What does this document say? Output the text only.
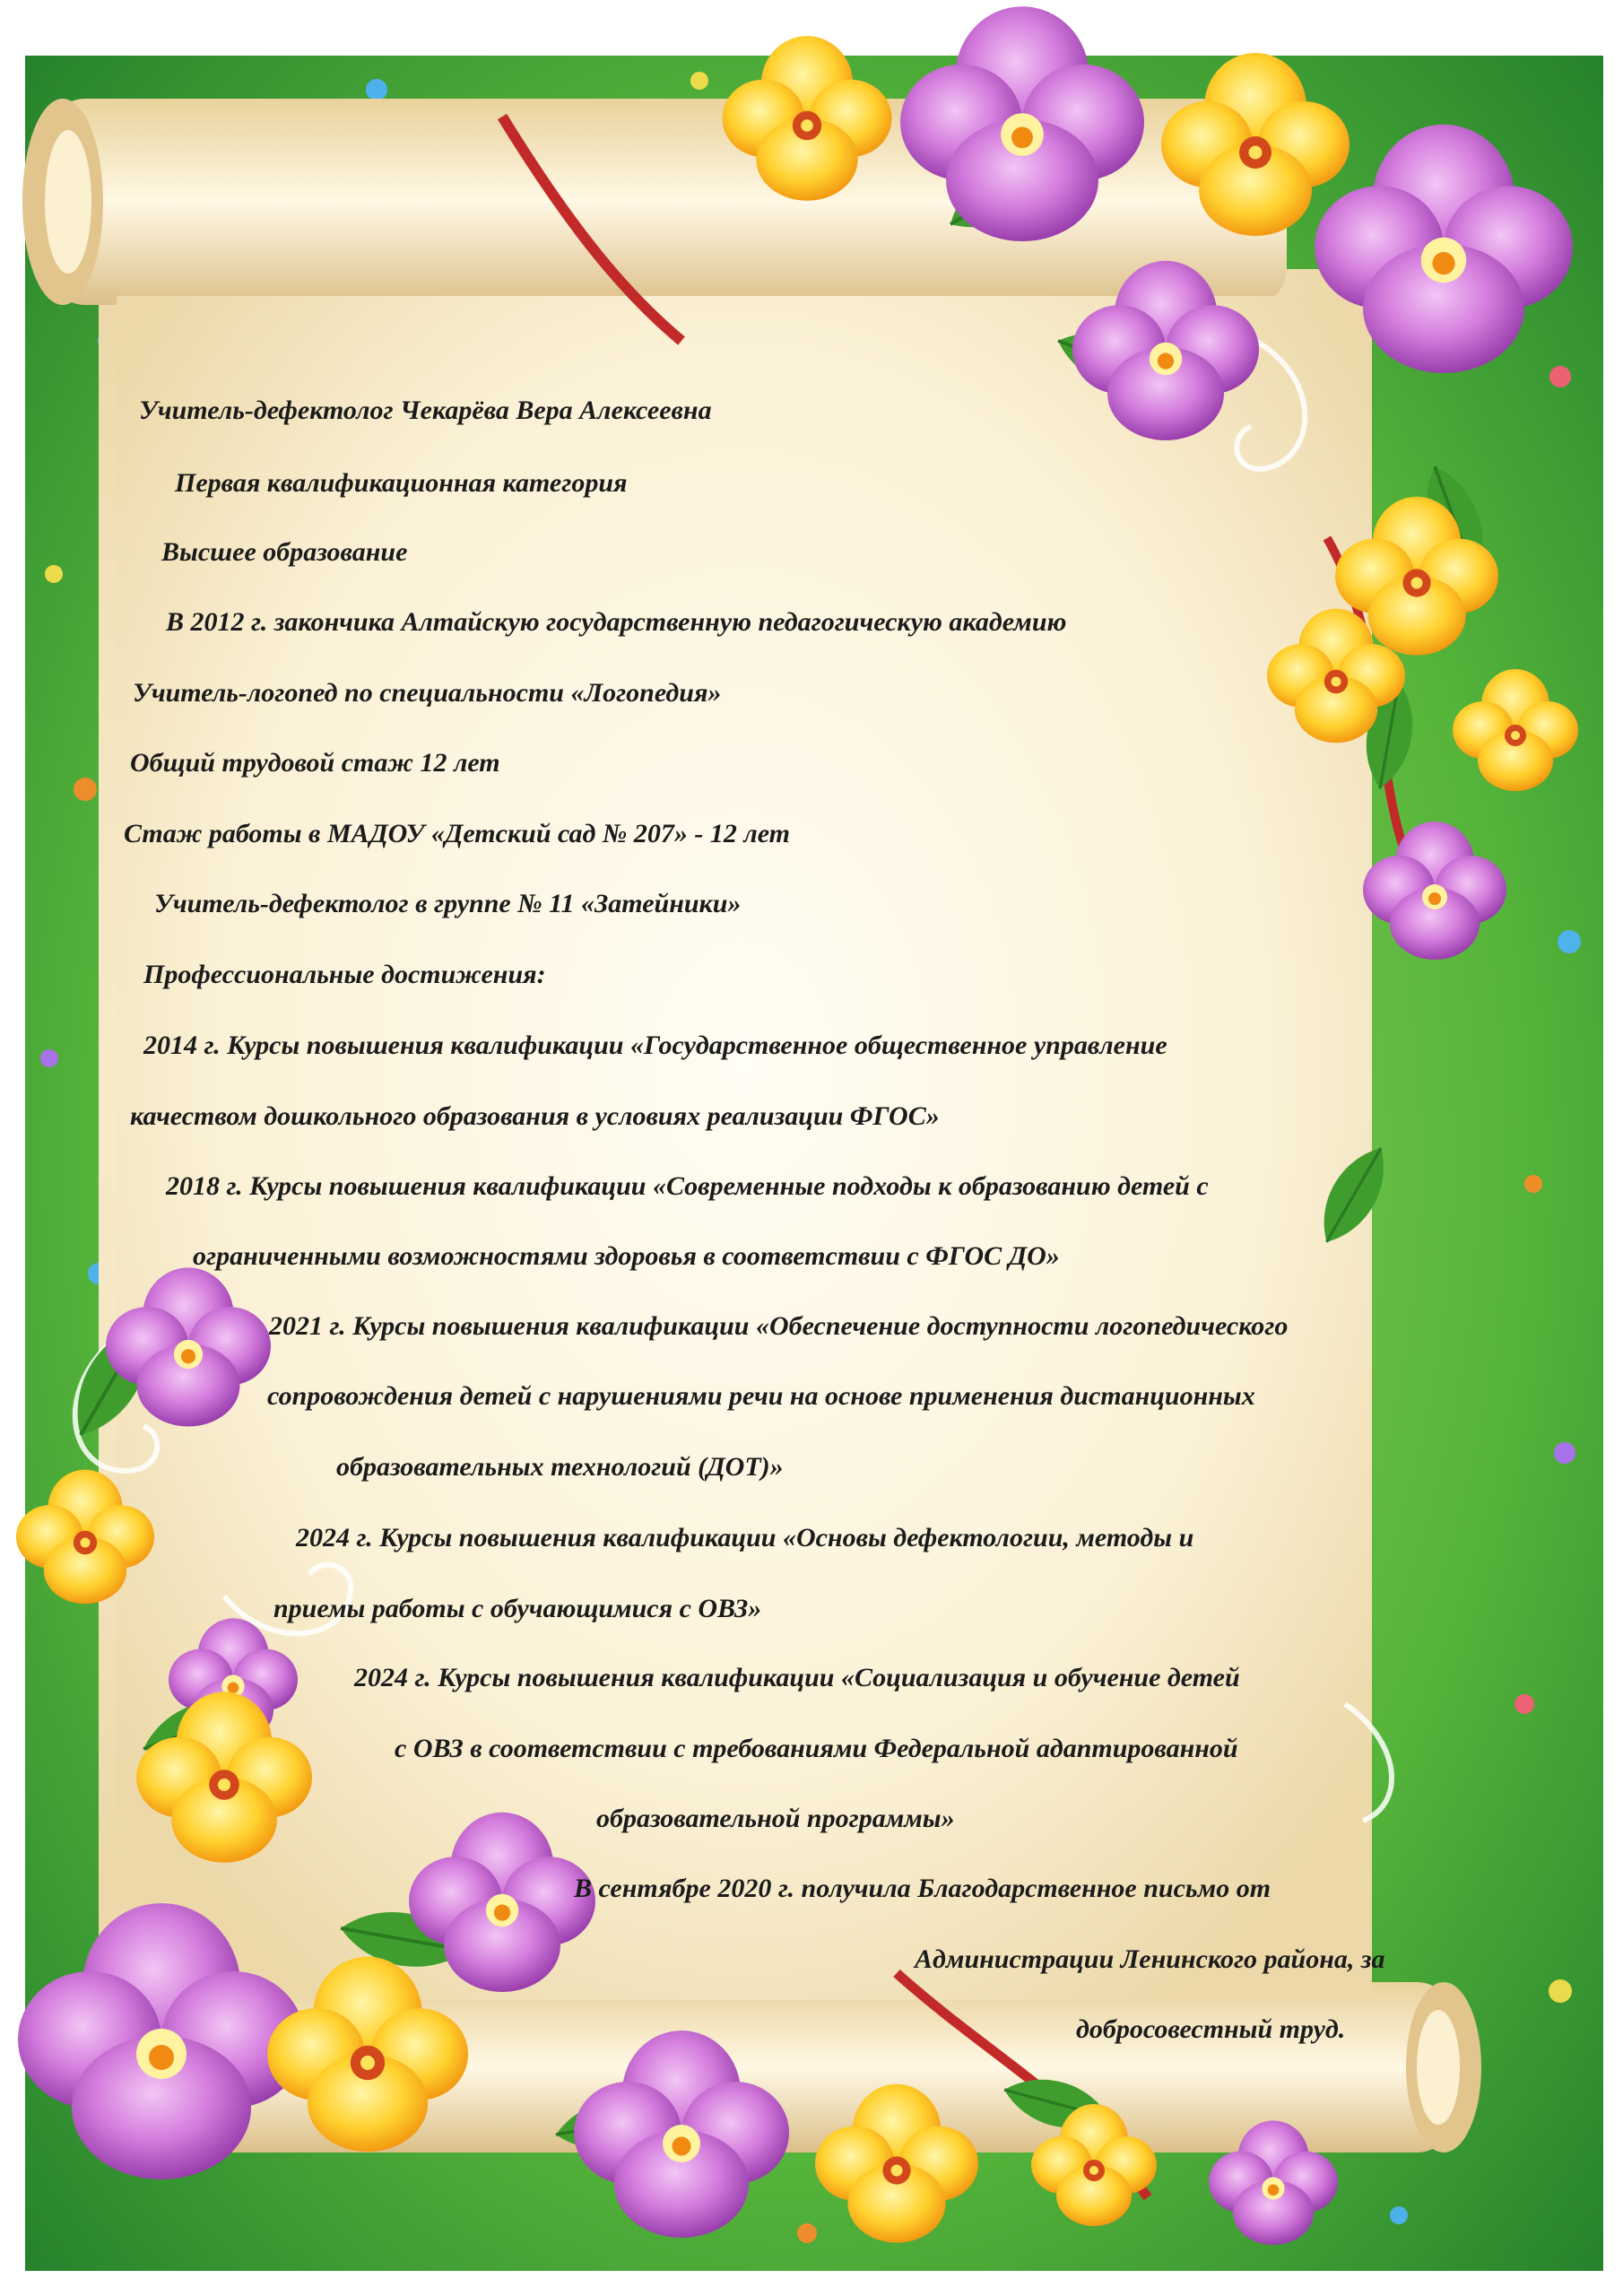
Учитель-дефектолог Чекарёва Вера Алексеевна

Первая квалификационная категория

Высшее образование

В 2012 г. закончика Алтайскую государственную педагогическую академию

Учитель-логопед по специальности «Логопедия»

Общий трудовой стаж 12 лет

Стаж работы в МАДОУ «Детский сад № 207» - 12 лет

Учитель-дефектолог в группе № 11 «Затейники»

Профессиональные достижения:

2014 г. Курсы повышения квалификации «Государственное общественное управление

качеством дошкольного образования в условиях реализации ФГОС»

2018 г. Курсы повышения квалификации «Современные подходы к образованию детей с

ограниченными возможностями здоровья в соответствии с ФГОС ДО»

2021 г. Курсы повышения квалификации «Обеспечение доступности логопедического

сопровождения детей с нарушениями речи на основе применения дистанционных

образовательных технологий (ДОТ)»

2024 г. Курсы повышения квалификации «Основы дефектологии, методы и

приемы работы с обучающимися с ОВЗ»

2024 г. Курсы повышения квалификации «Социализация и обучение детей

с ОВЗ в соответствии с требованиями Федеральной адаптированной

образовательной программы»

В сентябре 2020 г. получила Благодарственное письмо от

Администрации Ленинского района, за

добросовестный труд.
